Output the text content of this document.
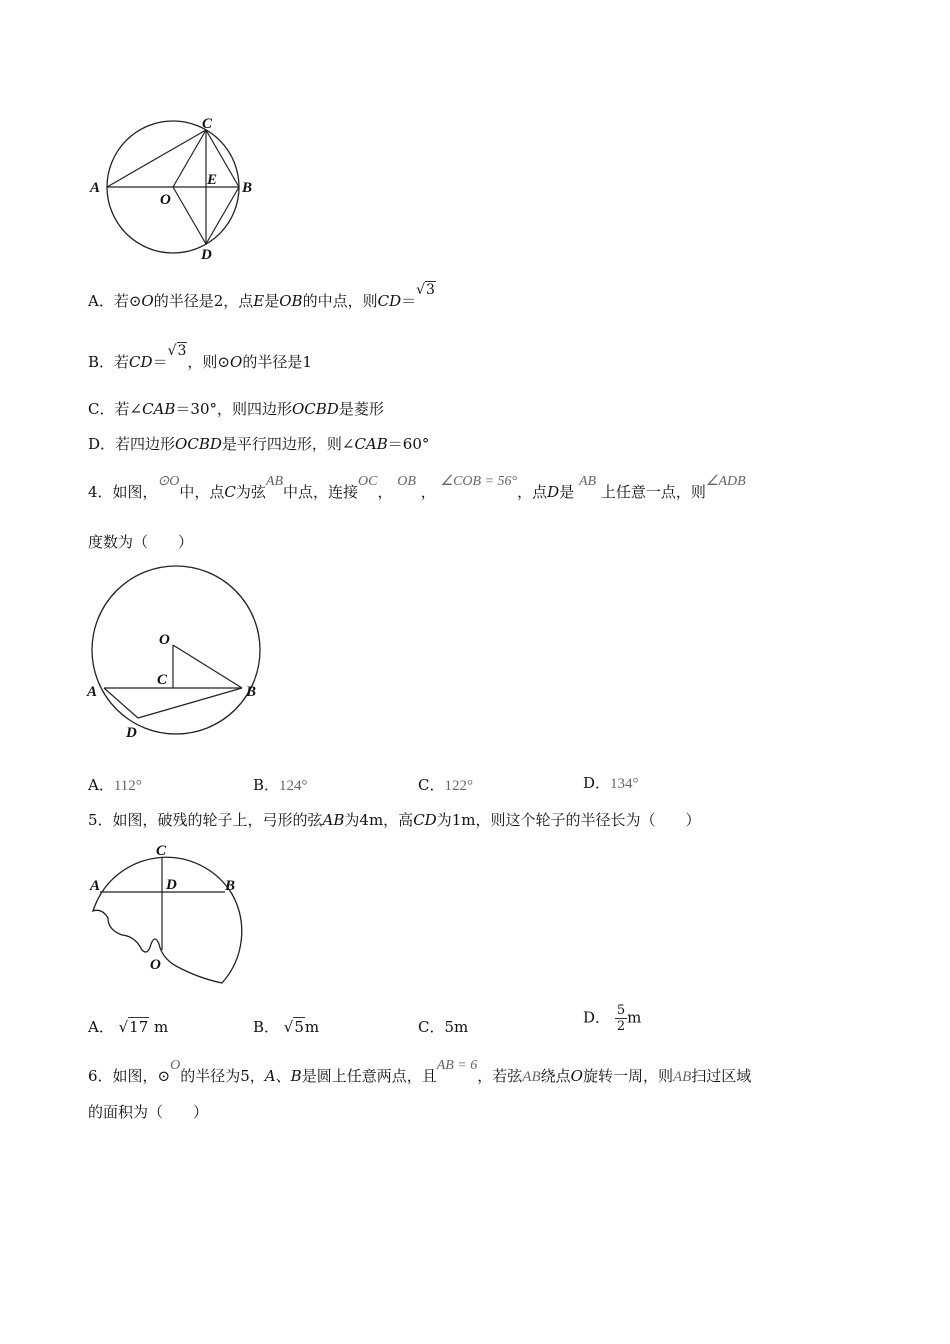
C
A	B
E
O
D
A．若⊙O的半径是2，点E是OB的中点，则CD＝√3
B．若CD＝√3，则⊙O的半径是1
C．若∠CAB＝30°，则四边形OCBD是菱形
D．若四边形OCBD是平行四边形，则∠CAB＝60°
4．如图，⊙O中，点C为弦AB中点，连接OC， OB ， ∠COB = 56°，点D是 AB 上任意一点，则∠ADB
度数为（　　）
O
C
A	B
D
A．112°	B．124°	C．122°	D．134°
5．如图，破残的轮子上，弓形的弦AB为4m，高CD为1m，则这个轮子的半径长为（　　）
C
A	D	B
O
A． √17 m	B． √5m	C．5m
D． $\frac{5}{2}$ m
6．如图，⊙O的半径为5，A、B是圆上任意两点，且AB = 6，若弦AB绕点O旋转一周，则AB扫过区域
的面积为（　　）
